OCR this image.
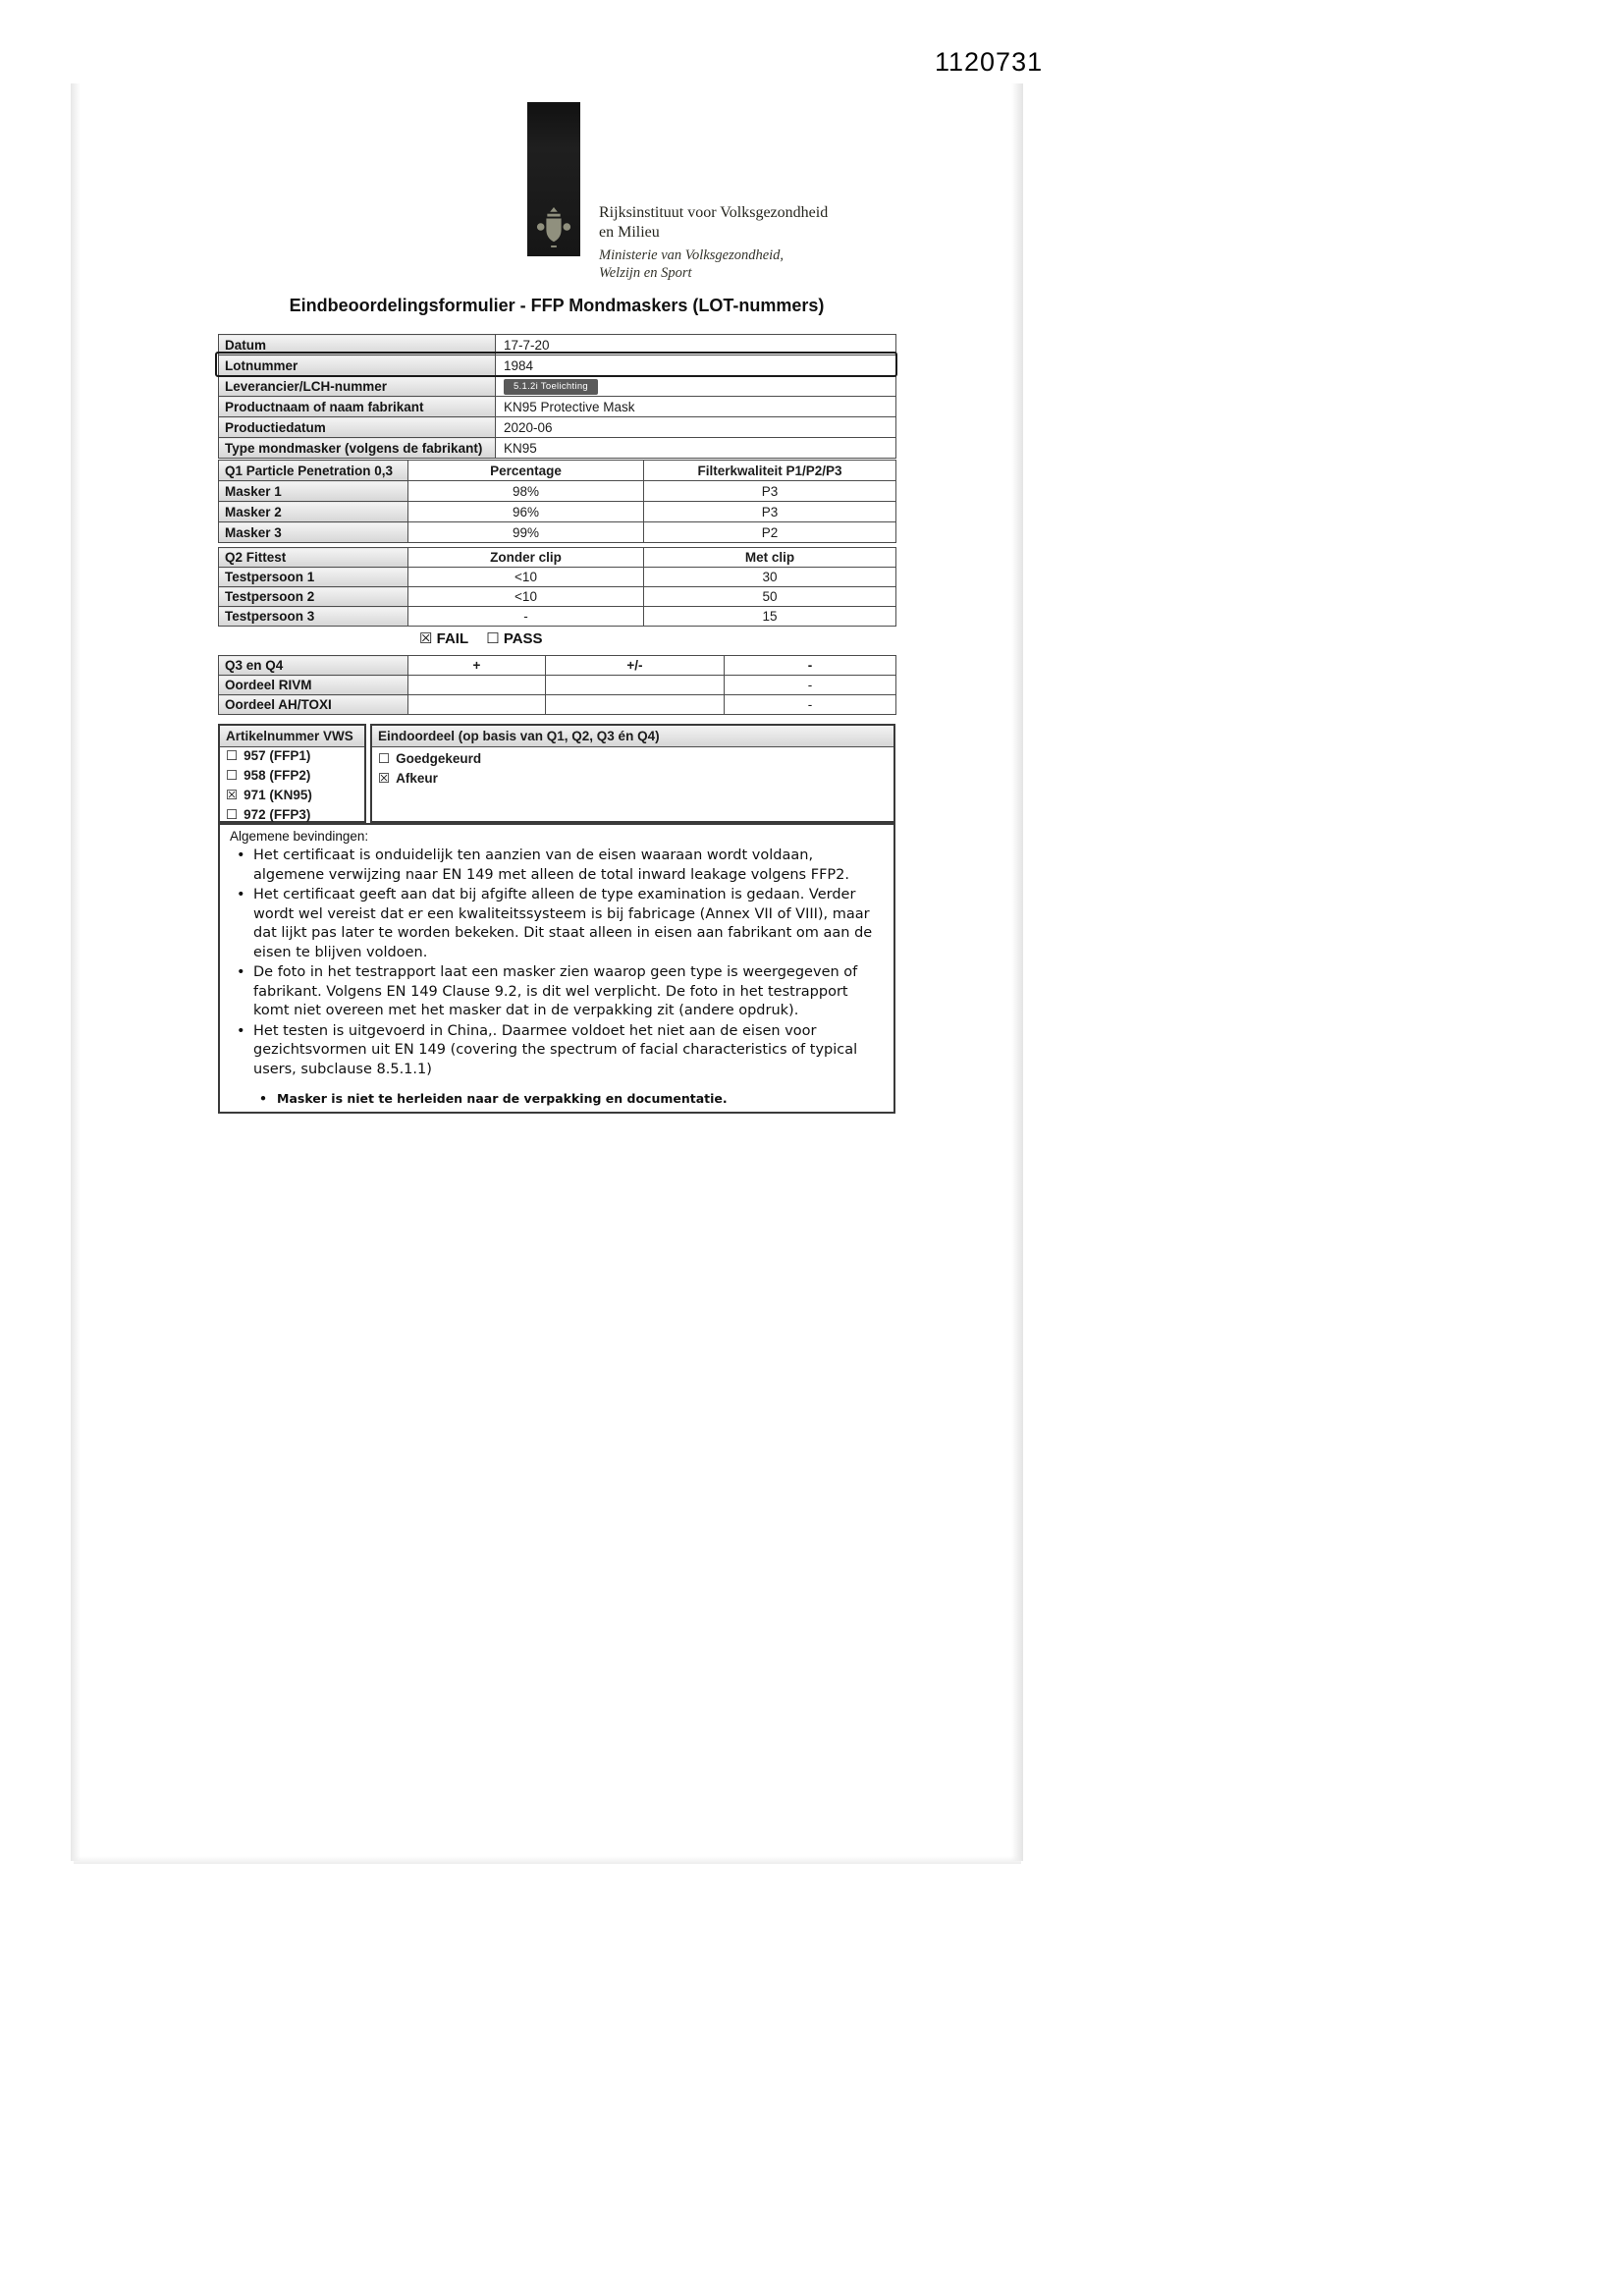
1120731
Rijksinstituut voor Volksgezondheid
en Milieu
Ministerie van Volksgezondheid,
Welzijn en Sport
Eindbeoordelingsformulier - FFP Mondmaskers (LOT-nummers)
Datum	17-7-20
Lotnummer	1984
Leverancier/LCH-nummer	5.1.2i Toelichting
Productnaam of naam fabrikant	KN95 Protective Mask
Productiedatum	2020-06
Type mondmasker (volgens de fabrikant)	KN95
Q1 Particle Penetration 0,3	Percentage	Filterkwaliteit P1/P2/P3
Masker 1	98%	P3
Masker 2	96%	P3
Masker 3	99%	P2
Q2 Fittest	Zonder clip	Met clip
Testpersoon 1	<10	30
Testpersoon 2	<10	50
Testpersoon 3	-	15
☒ FAIL ☐ PASS
Q3 en Q4	+	+/-	-
Oordeel RIVM			-
Oordeel AH/TOXI			-
Artikelnummer VWS
☐ 957 (FFP1)
☐ 958 (FFP2)
☒ 971 (KN95)
☐ 972 (FFP3)
Eindoordeel (op basis van Q1, Q2, Q3 én Q4)
☐ Goedgekeurd
☒ Afkeur
Algemene bevindingen:
• Het certificaat is onduidelijk ten aanzien van de eisen waaraan wordt voldaan, algemene verwijzing naar EN 149 met alleen de total inward leakage volgens FFP2.
• Het certificaat geeft aan dat bij afgifte alleen de type examination is gedaan. Verder wordt wel vereist dat er een kwaliteitssysteem is bij fabricage (Annex VII of VIII), maar dat lijkt pas later te worden bekeken. Dit staat alleen in eisen aan fabrikant om aan de eisen te blijven voldoen.
• De foto in het testrapport laat een masker zien waarop geen type is weergegeven of fabrikant. Volgens EN 149 Clause 9.2, is dit wel verplicht. De foto in het testrapport komt niet overeen met het masker dat in de verpakking zit (andere opdruk).
• Het testen is uitgevoerd in China,. Daarmee voldoet het niet aan de eisen voor gezichtsvormen uit EN 149 (covering the spectrum of facial characteristics of typical users, subclause 8.5.1.1)
• Masker is niet te herleiden naar de verpakking en documentatie.
